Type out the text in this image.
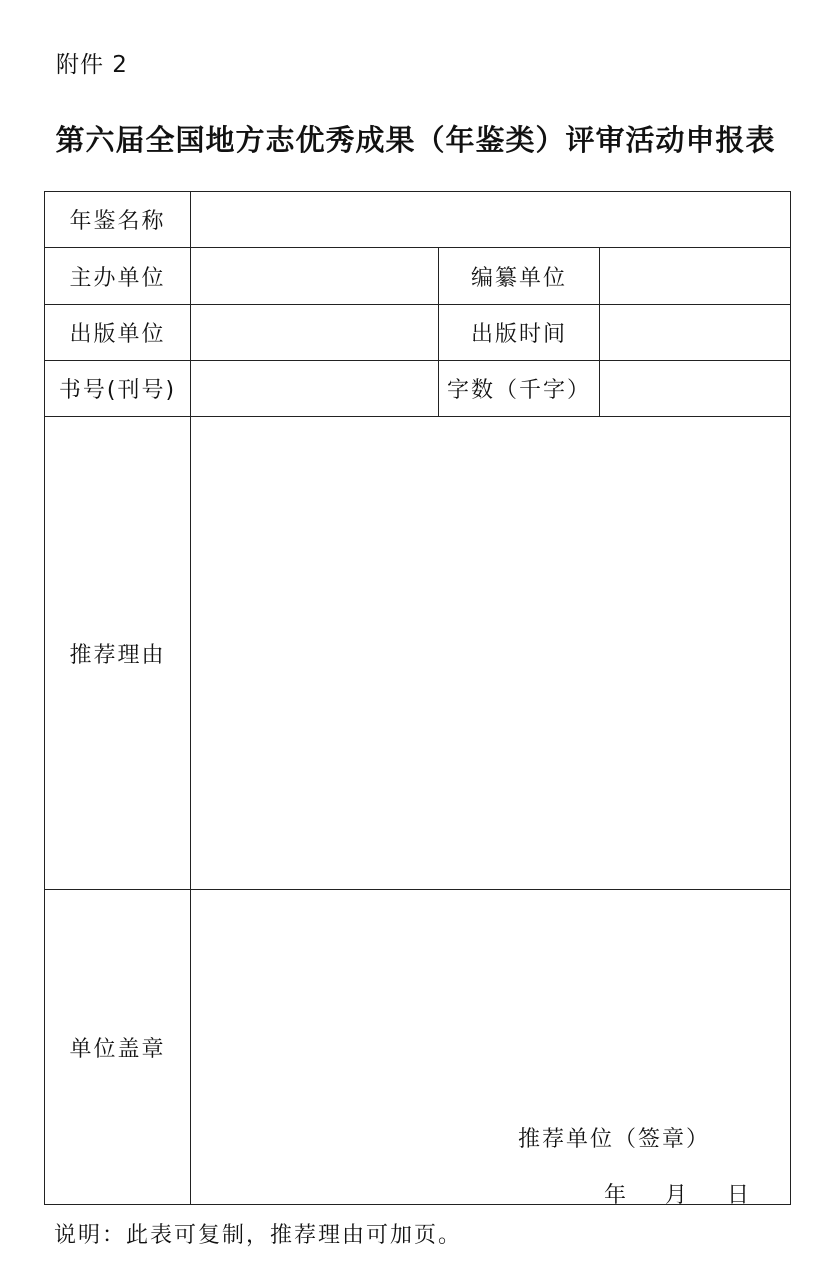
附件 2
第六届全国地方志优秀成果（年鉴类）评审活动申报表
年鉴名称			
主办单位		编纂单位	
出版单位		出版时间	
书号(刊号)		字数（千字）	
推荐理由			
单位盖章	推荐单位（签章）
年 月 日		
说明：此表可复制，推荐理由可加页。
